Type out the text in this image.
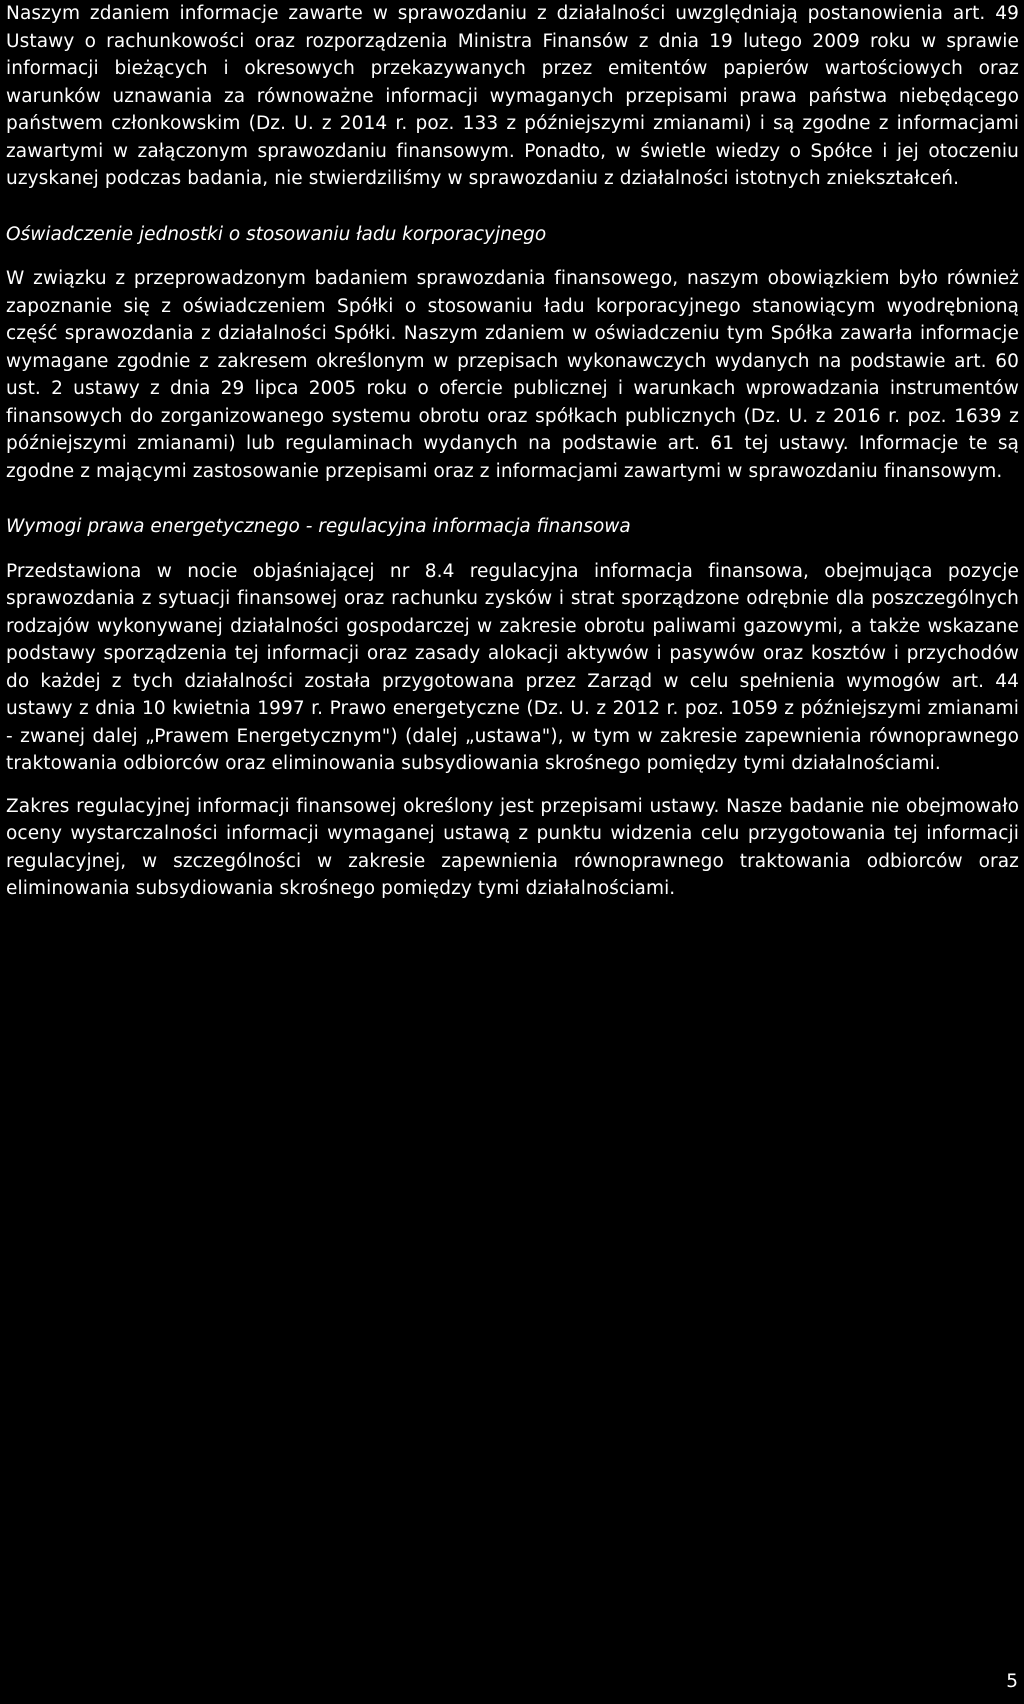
Naszym zdaniem informacje zawarte w sprawozdaniu z działalności uwzględniają postanowienia art. 49 Ustawy o rachunkowości oraz rozporządzenia Ministra Finansów z dnia 19 lutego 2009 roku w sprawie informacji bieżących i okresowych przekazywanych przez emitentów papierów wartościowych oraz warunków uznawania za równoważne informacji wymaganych przepisami prawa państwa niebędącego państwem członkowskim (Dz. U. z 2014 r. poz. 133 z późniejszymi zmianami) i są zgodne z informacjami zawartymi w załączonym sprawozdaniu finansowym. Ponadto, w świetle wiedzy o Spółce i jej otoczeniu uzyskanej podczas badania, nie stwierdziliśmy w sprawozdaniu z działalności istotnych zniekształceń.

Oświadczenie jednostki o stosowaniu ładu korporacyjnego

W związku z przeprowadzonym badaniem sprawozdania finansowego, naszym obowiązkiem było również zapoznanie się z oświadczeniem Spółki o stosowaniu ładu korporacyjnego stanowiącym wyodrębnioną część sprawozdania z działalności Spółki. Naszym zdaniem w oświadczeniu tym Spółka zawarła informacje wymagane zgodnie z zakresem określonym w przepisach wykonawczych wydanych na podstawie art. 60 ust. 2 ustawy z dnia 29 lipca 2005 roku o ofercie publicznej i warunkach wprowadzania instrumentów finansowych do zorganizowanego systemu obrotu oraz spółkach publicznych (Dz. U. z 2016 r. poz. 1639 z późniejszymi zmianami) lub regulaminach wydanych na podstawie art. 61 tej ustawy. Informacje te są zgodne z mającymi zastosowanie przepisami oraz z informacjami zawartymi w sprawozdaniu finansowym.

Wymogi prawa energetycznego - regulacyjna informacja finansowa

Przedstawiona w nocie objaśniającej nr 8.4 regulacyjna informacja finansowa, obejmująca pozycje sprawozdania z sytuacji finansowej oraz rachunku zysków i strat sporządzone odrębnie dla poszczególnych rodzajów wykonywanej działalności gospodarczej w zakresie obrotu paliwami gazowymi, a także wskazane podstawy sporządzenia tej informacji oraz zasady alokacji aktywów i pasywów oraz kosztów i przychodów do każdej z tych działalności została przygotowana przez Zarząd w celu spełnienia wymogów art. 44 ustawy z dnia 10 kwietnia 1997 r. Prawo energetyczne (Dz. U. z 2012 r. poz. 1059 z późniejszymi zmianami - zwanej dalej „Prawem Energetycznym") (dalej „ustawa"), w tym w zakresie zapewnienia równoprawnego traktowania odbiorców oraz eliminowania subsydiowania skrośnego pomiędzy tymi działalnościami.

Zakres regulacyjnej informacji finansowej określony jest przepisami ustawy. Nasze badanie nie obejmowało oceny wystarczalności informacji wymaganej ustawą z punktu widzenia celu przygotowania tej informacji regulacyjnej, w szczególności w zakresie zapewnienia równoprawnego traktowania odbiorców oraz eliminowania subsydiowania skrośnego pomiędzy tymi działalnościami.

5
